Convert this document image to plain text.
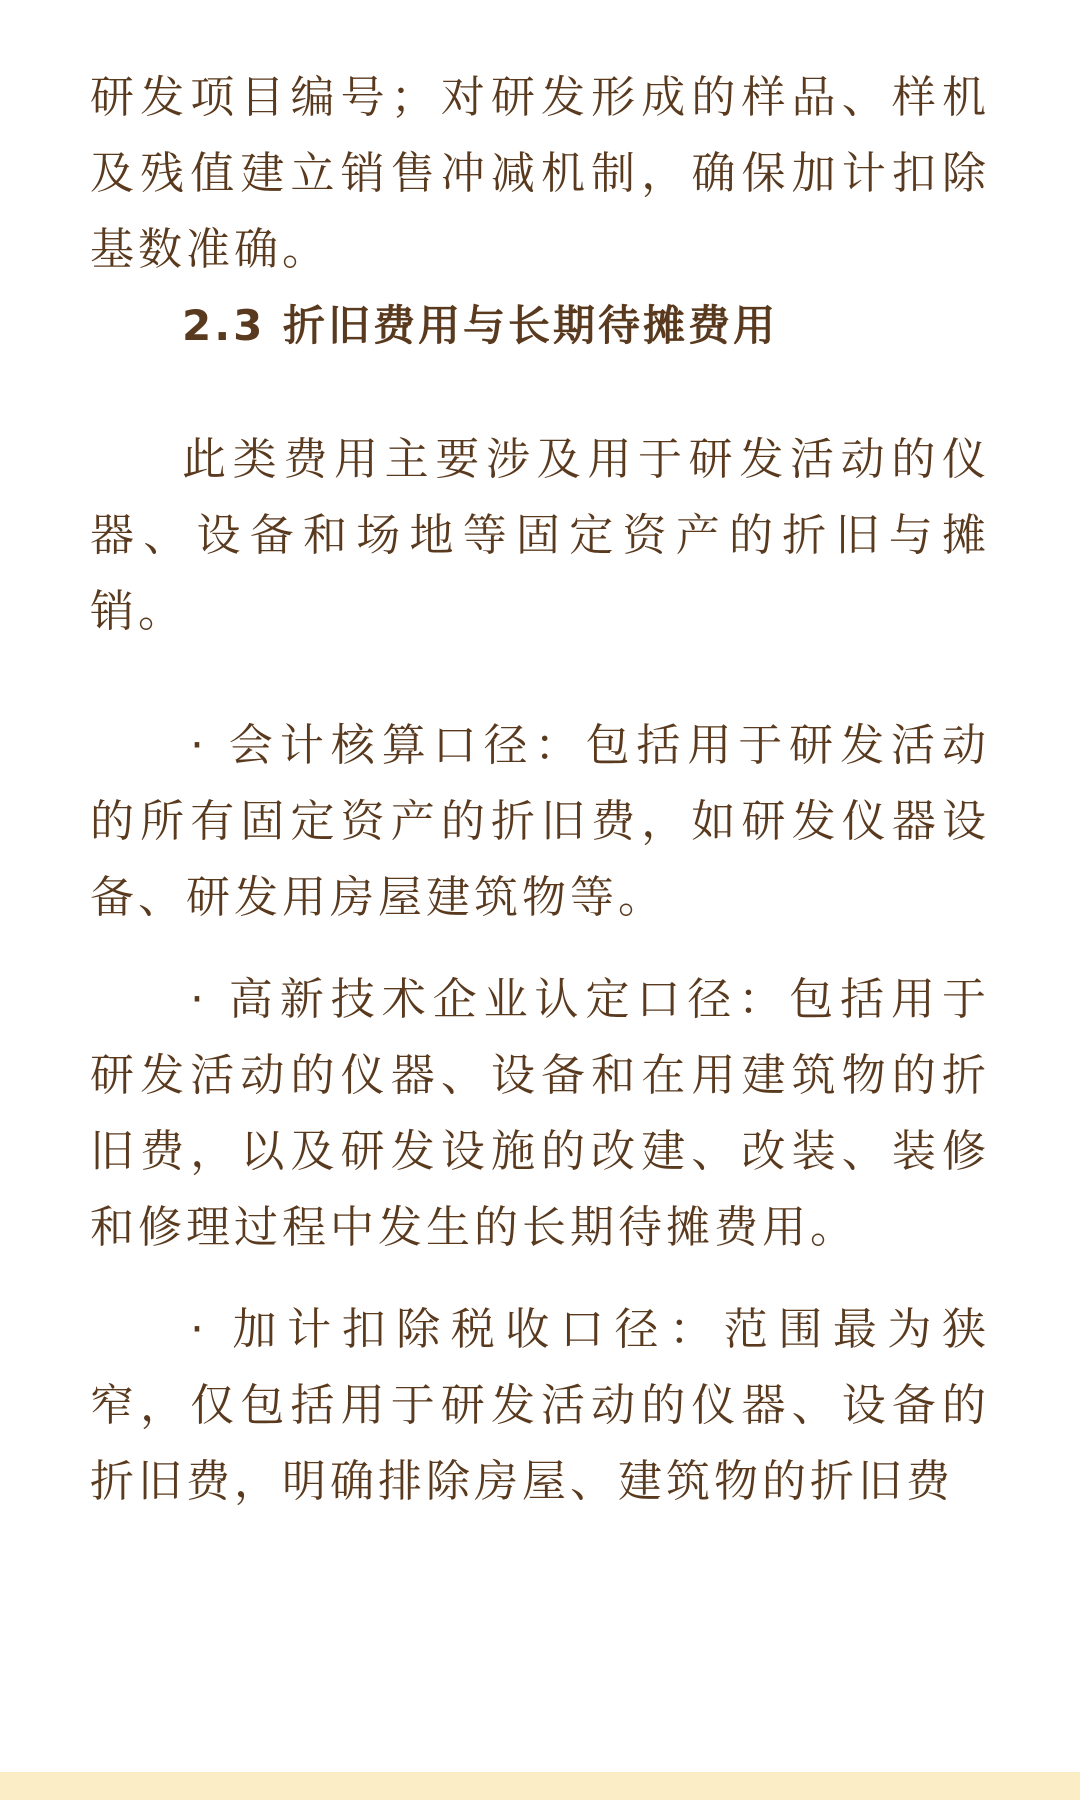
研发项目编号；对研发形成的样品、样机及残值建立销售冲减机制，确保加计扣除基数准确。

2.3 折旧费用与长期待摊费用

此类费用主要涉及用于研发活动的仪器、设备和场地等固定资产的折旧与摊销。

· 会计核算口径：包括用于研发活动的所有固定资产的折旧费，如研发仪器设备、研发用房屋建筑物等。

· 高新技术企业认定口径：包括用于研发活动的仪器、设备和在用建筑物的折旧费，以及研发设施的改建、改装、装修和修理过程中发生的长期待摊费用。

· 加计扣除税收口径：范围最为狭窄，仅包括用于研发活动的仪器、设备的折旧费，明确排除房屋、建筑物的折旧费
